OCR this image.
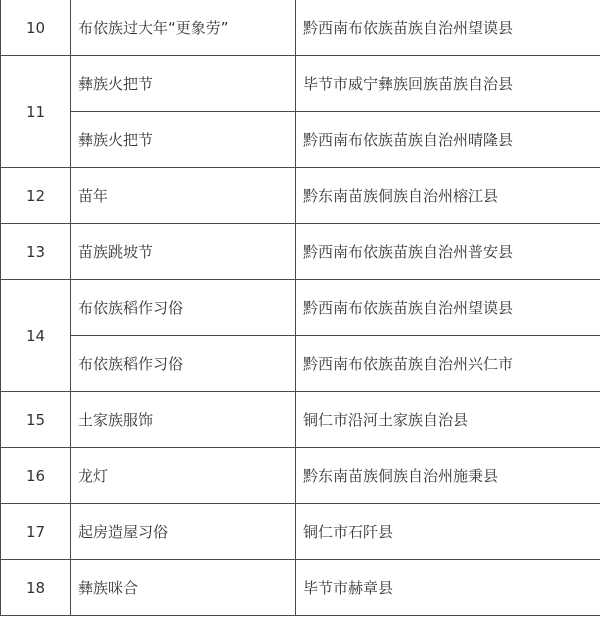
10	布依族过大年“更象劳”	黔西南布依族苗族自治州望谟县
11	彝族火把节	毕节市威宁彝族回族苗族自治县
	彝族火把节	黔西南布依族苗族自治州晴隆县
12	苗年	黔东南苗族侗族自治州榕江县
13	苗族跳坡节	黔西南布依族苗族自治州普安县
14	布依族稻作习俗	黔西南布依族苗族自治州望谟县
	布依族稻作习俗	黔西南布依族苗族自治州兴仁市
15	土家族服饰	铜仁市沿河土家族自治县
16	龙灯	黔东南苗族侗族自治州施秉县
17	起房造屋习俗	铜仁市石阡县
18	彝族咪合	毕节市赫章县
